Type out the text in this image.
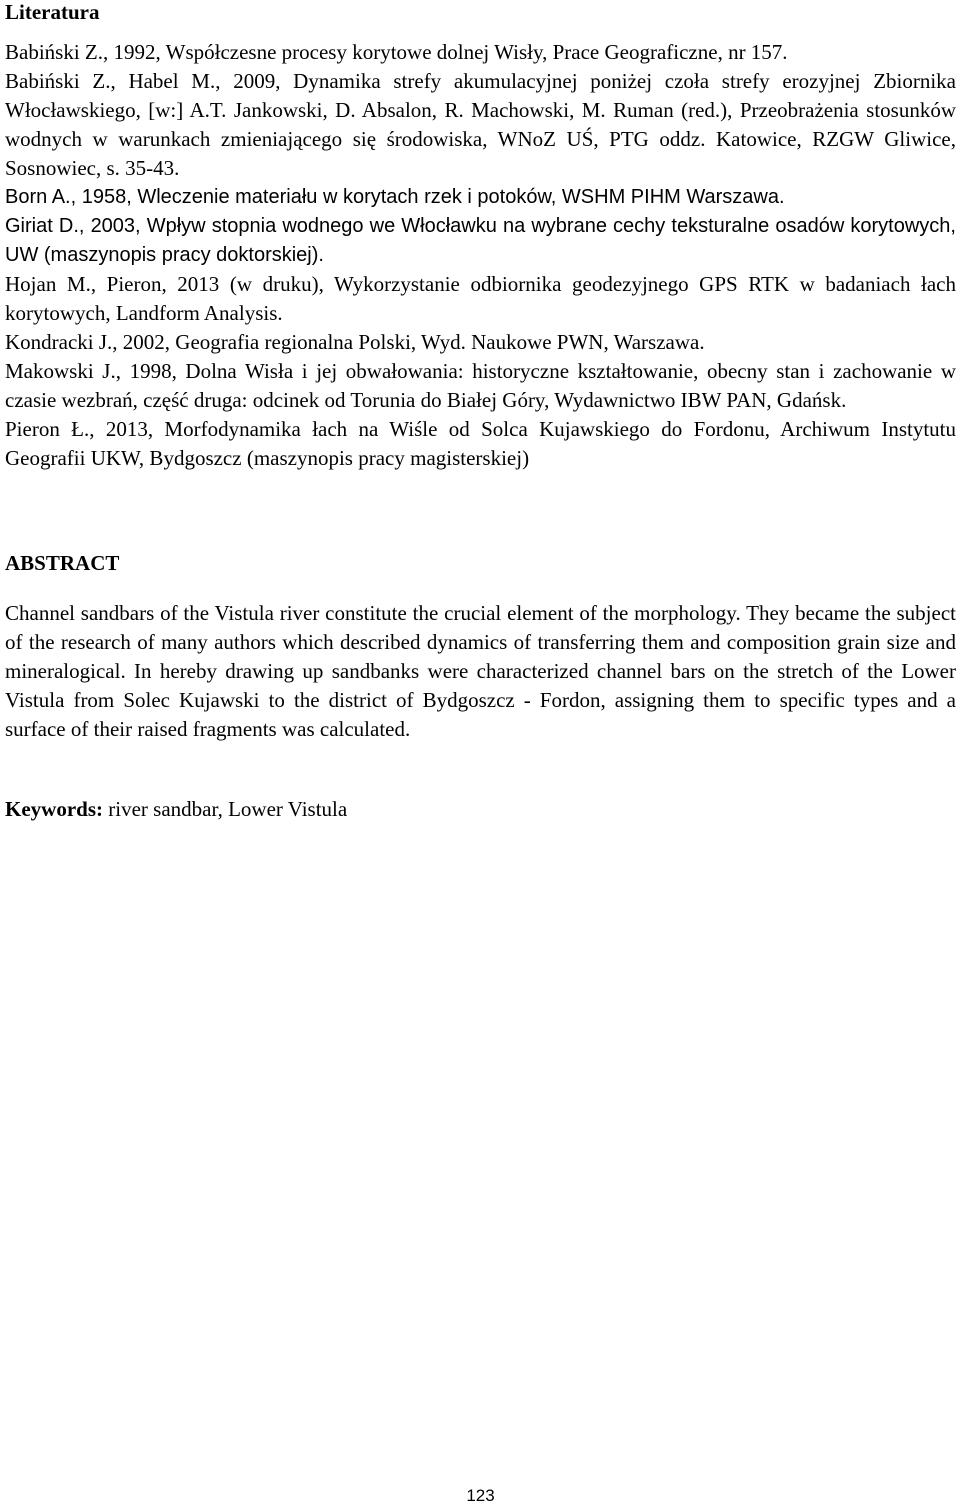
Literatura

Babiński Z., 1992, Współczesne procesy korytowe dolnej Wisły, Prace Geograficzne, nr 157.

Babiński Z., Habel M., 2009, Dynamika strefy akumulacyjnej poniżej czoła strefy erozyjnej Zbiornika Włocławskiego, [w:] A.T. Jankowski, D. Absalon, R. Machowski, M. Ruman (red.), Przeobrażenia stosunków wodnych w warunkach zmieniającego się środowiska, WNoZ UŚ, PTG oddz. Katowice, RZGW Gliwice, Sosnowiec, s. 35-43.

Born A., 1958, Wleczenie materiału w korytach rzek i potoków, WSHM PIHM Warszawa.

Giriat D., 2003, Wpływ stopnia wodnego we Włocławku na wybrane cechy teksturalne osadów korytowych, UW (maszynopis pracy doktorskiej).

Hojan M., Pieron, 2013 (w druku), Wykorzystanie odbiornika geodezyjnego GPS RTK w badaniach łach korytowych, Landform Analysis.

Kondracki J., 2002, Geografia regionalna Polski, Wyd. Naukowe PWN, Warszawa.

Makowski J., 1998, Dolna Wisła i jej obwałowania: historyczne kształtowanie, obecny stan i zachowanie w czasie wezbrań, część druga: odcinek od Torunia do Białej Góry, Wydawnictwo IBW PAN, Gdańsk.

Pieron Ł., 2013, Morfodynamika łach na Wiśle od Solca Kujawskiego do Fordonu, Archiwum Instytutu Geografii UKW, Bydgoszcz (maszynopis pracy magisterskiej)

ABSTRACT

Channel sandbars of the Vistula river constitute the crucial element of the morphology. They became the subject of the research of many authors which described dynamics of transferring them and composition grain size and mineralogical. In hereby drawing up sandbanks were characterized channel bars on the stretch of the Lower Vistula from Solec Kujawski to the district of Bydgoszcz - Fordon, assigning them to specific types and a surface of their raised fragments was calculated.

Keywords: river sandbar, Lower Vistula

123
